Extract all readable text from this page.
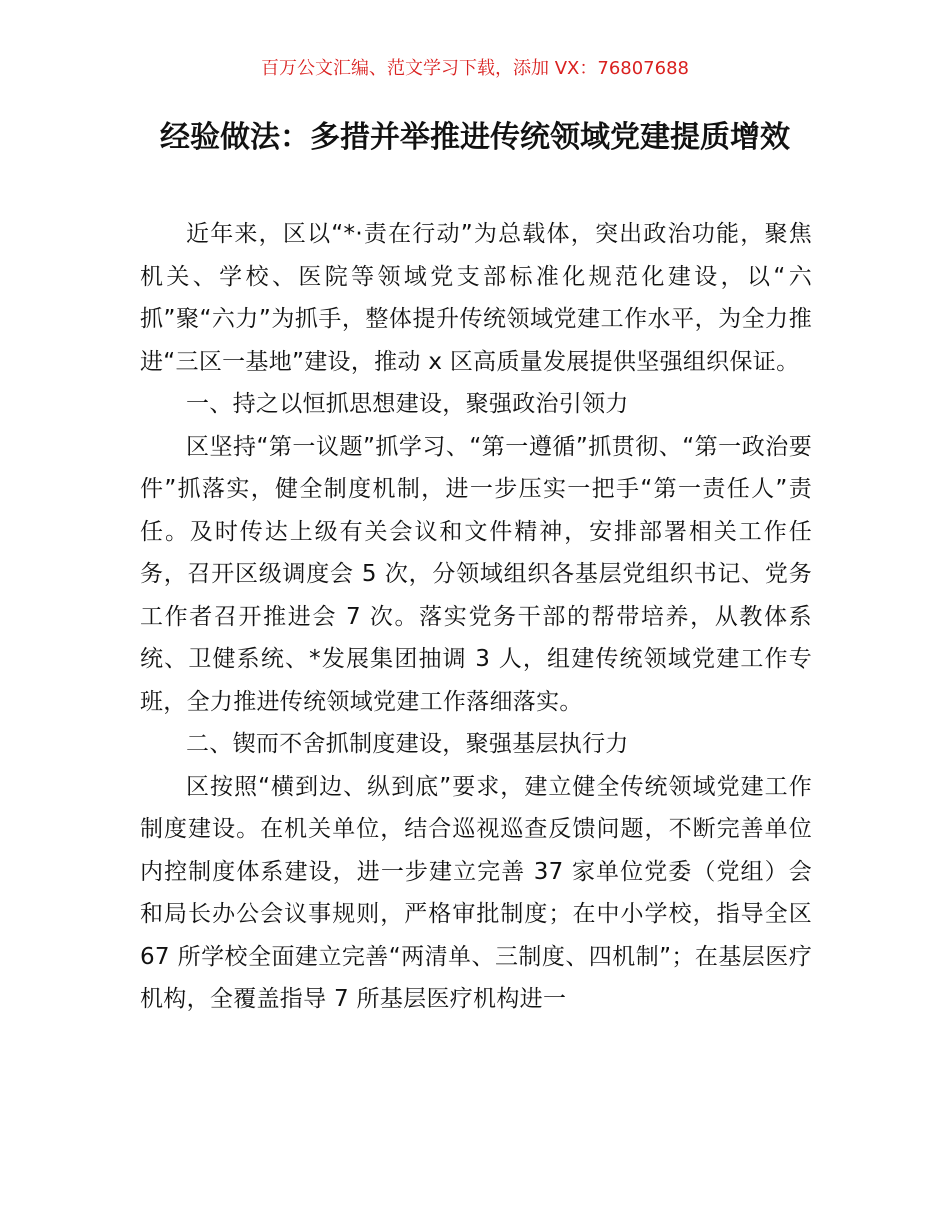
百万公文汇编、范文学习下载，添加 VX：76807688
经验做法：多措并举推进传统领域党建提质增效

近年来，区以“*·责在行动”为总载体，突出政治功能，聚焦机关、学校、医院等领域党支部标准化规范化建设，以“六抓”聚“六力”为抓手，整体提升传统领域党建工作水平，为全力推进“三区一基地”建设，推动 x 区高质量发展提供坚强组织保证。

一、持之以恒抓思想建设，聚强政治引领力

区坚持“第一议题”抓学习、“第一遵循”抓贯彻、“第一政治要件”抓落实，健全制度机制，进一步压实一把手“第一责任人”责任。及时传达上级有关会议和文件精神，安排部署相关工作任务，召开区级调度会 5 次，分领域组织各基层党组织书记、党务工作者召开推进会 7 次。落实党务干部的帮带培养，从教体系统、卫健系统、*发展集团抽调 3 人，组建传统领域党建工作专班，全力推进传统领域党建工作落细落实。

二、锲而不舍抓制度建设，聚强基层执行力

区按照“横到边、纵到底”要求，建立健全传统领域党建工作制度建设。在机关单位，结合巡视巡查反馈问题，不断完善单位内控制度体系建设，进一步建立完善 37 家单位党委（党组）会和局长办公会议事规则，严格审批制度；在中小学校，指导全区 67 所学校全面建立完善“两清单、三制度、四机制”；在基层医疗机构，全覆盖指导 7 所基层医疗机构进一
